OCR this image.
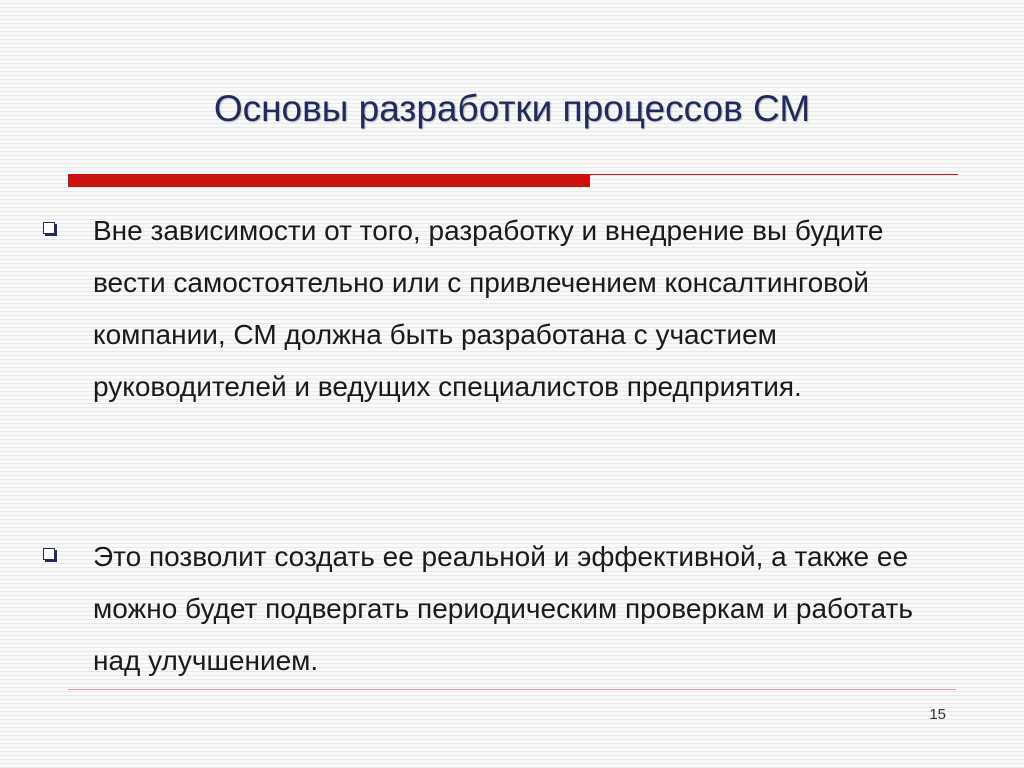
Основы разработки процессов СМ
Вне зависимости от того, разработку и внедрение вы будите вести самостоятельно или с привлечением консалтинговой компании, СМ должна быть разработана с участием руководителей и ведущих специалистов предприятия.
Это позволит создать ее реальной и эффективной, а также ее можно будет подвергать периодическим проверкам и работать над улучшением.
15
